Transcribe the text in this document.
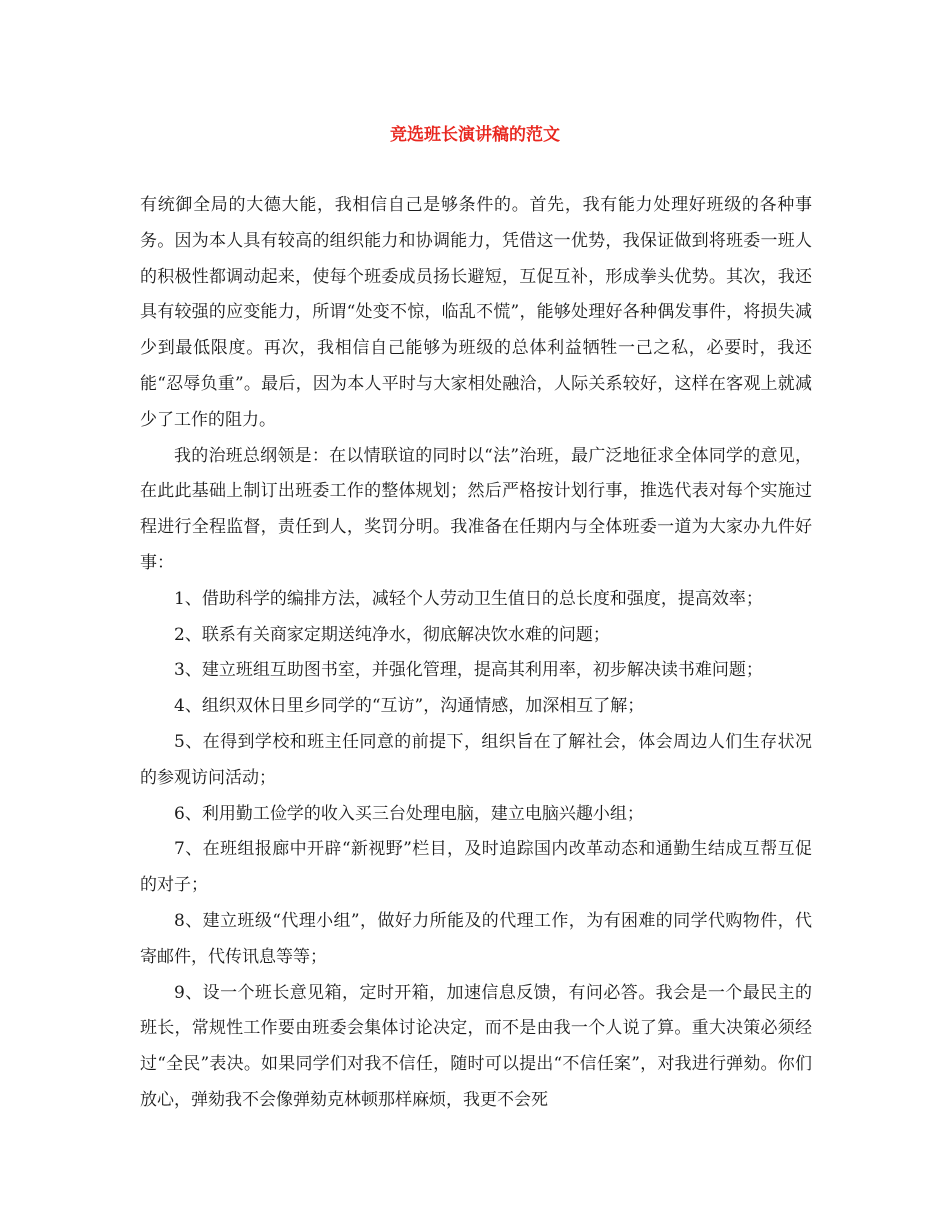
竞选班长演讲稿的范文

有统御全局的大德大能，我相信自己是够条件的。首先，我有能力处理好班级的各种事务。因为本人具有较高的组织能力和协调能力，凭借这一优势，我保证做到将班委一班人的积极性都调动起来，使每个班委成员扬长避短，互促互补，形成拳头优势。其次，我还具有较强的应变能力，所谓“处变不惊，临乱不慌”，能够处理好各种偶发事件，将损失减少到最低限度。再次，我相信自己能够为班级的总体利益牺牲一己之私，必要时，我还能“忍辱负重”。最后，因为本人平时与大家相处融洽，人际关系较好，这样在客观上就减少了工作的阻力。

我的治班总纲领是：在以情联谊的同时以“法”治班，最广泛地征求全体同学的意见，在此此基础上制订出班委工作的整体规划；然后严格按计划行事，推选代表对每个实施过程进行全程监督，责任到人，奖罚分明。我准备在任期内与全体班委一道为大家办九件好事：

1、借助科学的编排方法，减轻个人劳动卫生值日的总长度和强度，提高效率；

2、联系有关商家定期送纯净水，彻底解决饮水难的问题；

3、建立班组互助图书室，并强化管理，提高其利用率，初步解决读书难问题；

4、组织双休日里乡同学的“互访”，沟通情感，加深相互了解；

5、在得到学校和班主任同意的前提下，组织旨在了解社会，体会周边人们生存状况的参观访问活动；

6、利用勤工俭学的收入买三台处理电脑，建立电脑兴趣小组；

7、在班组报廊中开辟“新视野”栏目，及时追踪国内改革动态和通勤生结成互帮互促的对子；

8、建立班级“代理小组”，做好力所能及的代理工作，为有困难的同学代购物件，代寄邮件，代传讯息等等；

9、设一个班长意见箱，定时开箱，加速信息反馈，有问必答。我会是一个最民主的班长，常规性工作要由班委会集体讨论决定，而不是由我一个人说了算。重大决策必须经过“全民”表决。如果同学们对我不信任，随时可以提出“不信任案”，对我进行弹劾。你们放心，弹劾我不会像弹劾克林顿那样麻烦，我更不会死
